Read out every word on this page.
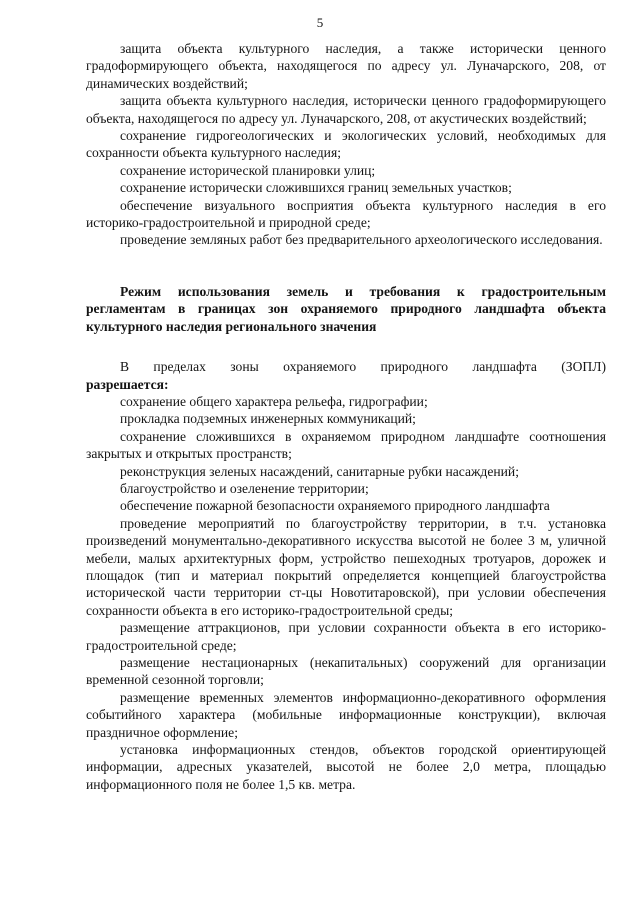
5

защита объекта культурного наследия, а также исторически ценного градоформирующего объекта, находящегося по адресу ул. Луначарского, 208, от динамических воздействий;

защита объекта культурного наследия, исторически ценного градоформирующего объекта, находящегося по адресу ул. Луначарского, 208, от акустических воздействий;

сохранение гидрогеологических и экологических условий, необходимых для сохранности объекта культурного наследия;

сохранение исторической планировки улиц;

сохранение исторически сложившихся границ земельных участков;

обеспечение визуального восприятия объекта культурного наследия в его историко-градостроительной и природной среде;

проведение земляных работ без предварительного археологического исследования.

Режим использования земель и требования к градостроительным регламентам в границах зон охраняемого природного ландшафта объекта культурного наследия регионального значения

В пределах зоны охраняемого природного ландшафта (ЗОПЛ)

разрешается:

сохранение общего характера рельефа, гидрографии;

прокладка подземных инженерных коммуникаций;

сохранение сложившихся в охраняемом природном ландшафте соотношения закрытых и открытых пространств;

реконструкция зеленых насаждений, санитарные рубки насаждений;

благоустройство и озеленение территории;

обеспечение пожарной безопасности охраняемого природного ландшафта

проведение мероприятий по благоустройству территории, в т.ч. установка произведений монументально-декоративного искусства высотой не более 3 м, уличной мебели, малых архитектурных форм, устройство пешеходных тротуаров, дорожек и площадок (тип и материал покрытий определяется концепцией благоустройства исторической части территории ст-цы Новотитаровской), при условии обеспечения сохранности объекта в его историко-градостроительной среды;

размещение аттракционов, при условии сохранности объекта в его историко-градостроительной среде;

размещение нестационарных (некапитальных) сооружений для организации временной сезонной торговли;

размещение временных элементов информационно-декоративного оформления событийного характера (мобильные информационные конструкции), включая праздничное оформление;

установка информационных стендов, объектов городской ориентирующей информации, адресных указателей, высотой не более 2,0 метра, площадью информационного поля не более 1,5 кв. метра.
